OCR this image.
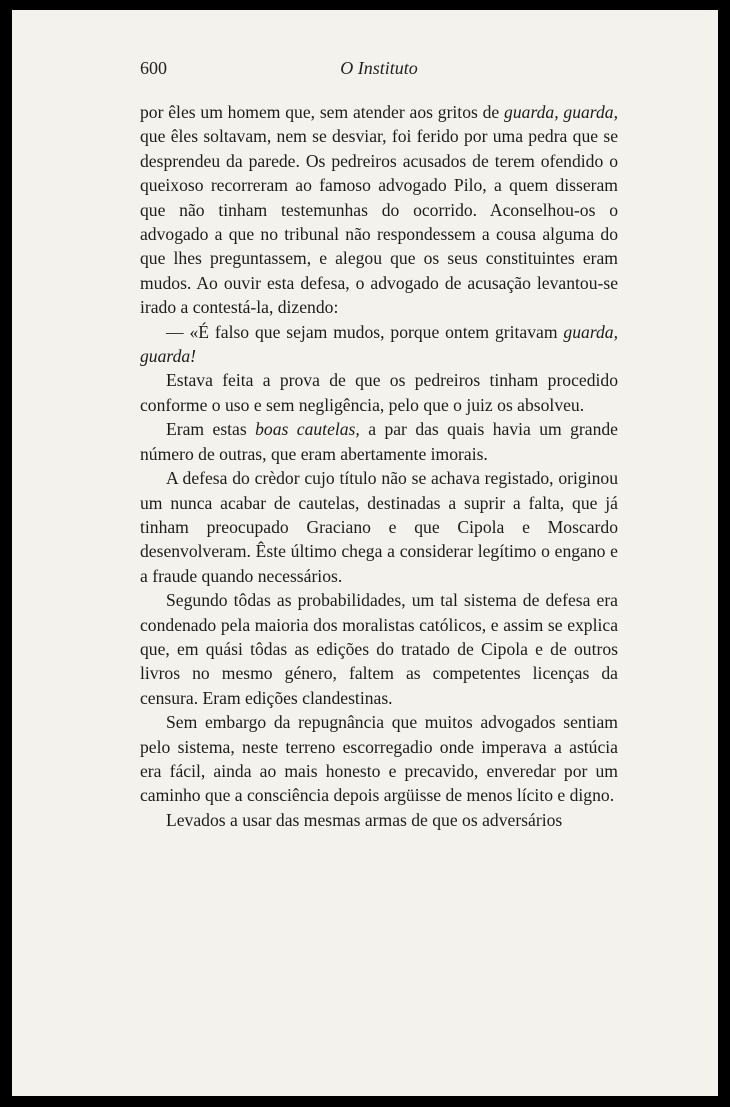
600	O Instituto

por êles um homem que, sem atender aos gritos de guarda, guarda, que êles soltavam, nem se desviar, foi ferido por uma pedra que se desprendeu da parede. Os pedreiros acusados de terem ofendido o queixoso recorreram ao famoso advogado Pilo, a quem disseram que não tinham testemunhas do ocorrido. Aconselhou-os o advogado a que no tribunal não respondessem a cousa alguma do que lhes preguntassem, e alegou que os seus constituintes eram mudos. Ao ouvir esta defesa, o advogado de acusação levantou-se irado a contestá-la, dizendo:

— «É falso que sejam mudos, porque ontem gritavam guarda, guarda!

Estava feita a prova de que os pedreiros tinham procedido conforme o uso e sem negligência, pelo que o juiz os absolveu.

Eram estas boas cautelas, a par das quais havia um grande número de outras, que eram abertamente imorais.

A defesa do crèdor cujo título não se achava registado, originou um nunca acabar de cautelas, destinadas a suprir a falta, que já tinham preocupado Graciano e que Cipola e Moscardo desenvolveram. Êste último chega a considerar legítimo o engano e a fraude quando necessários.

Segundo tôdas as probabilidades, um tal sistema de defesa era condenado pela maioria dos moralistas católicos, e assim se explica que, em quási tôdas as edições do tratado de Cipola e de outros livros no mesmo género, faltem as competentes licenças da censura. Eram edições clandestinas.

Sem embargo da repugnância que muitos advogados sentiam pelo sistema, neste terreno escorregadio onde imperava a astúcia era fácil, ainda ao mais honesto e precavido, enveredar por um caminho que a consciência depois argüisse de menos lícito e digno.

Levados a usar das mesmas armas de que os adversários
